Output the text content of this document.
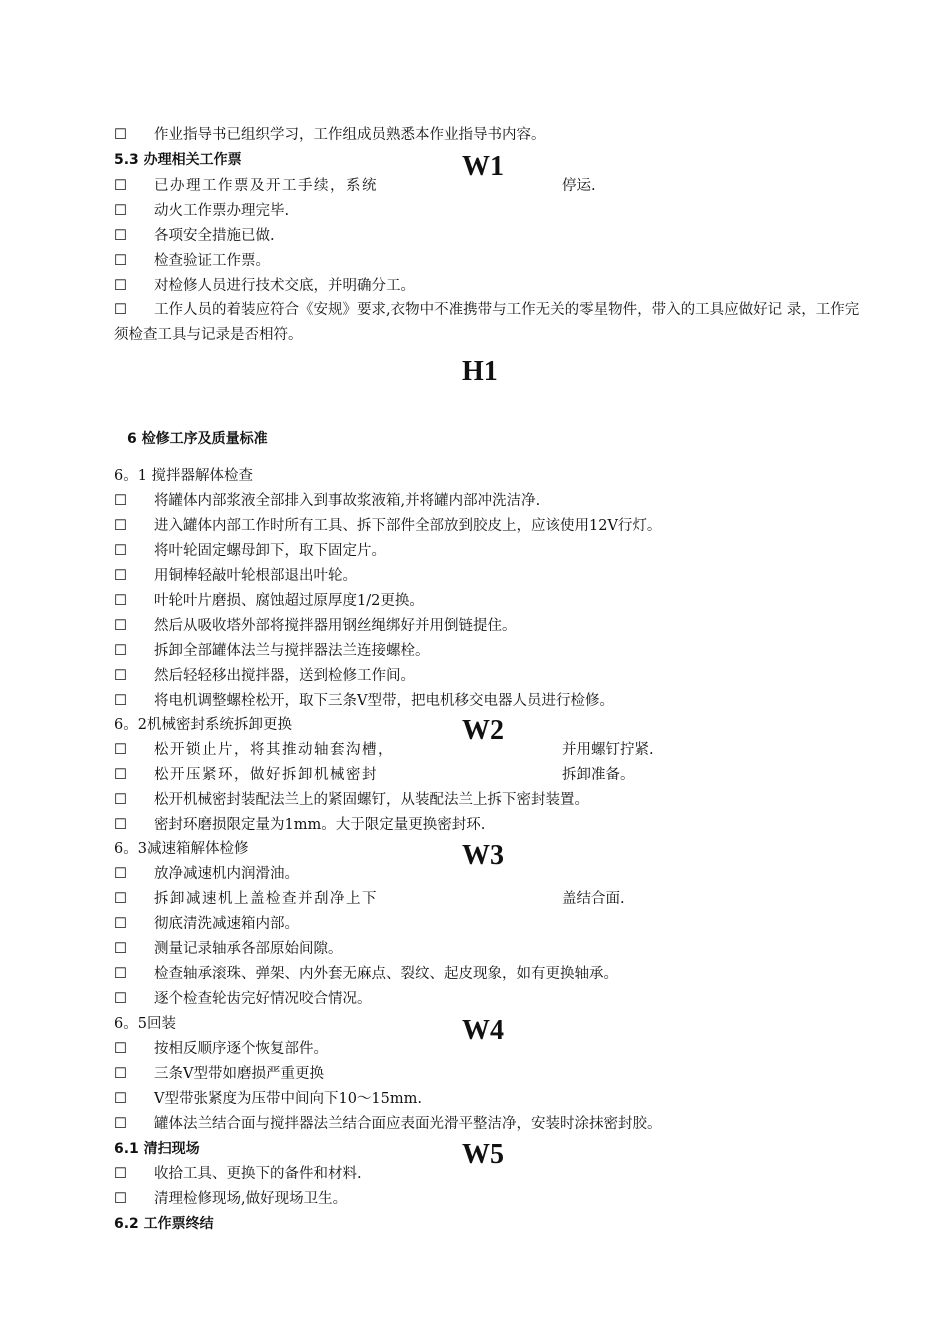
☐ 作业指导书已组织学习，工作组成员熟悉本作业指导书内容。
5.3 办理相关工作票	W1
☐ 已办理工作票及开工手续，系统	停运.
☐ 动火工作票办理完毕.
☐ 各项安全措施已做.
☐ 检查验证工作票。
☐ 对检修人员进行技术交底，并明确分工。
☐ 工作人员的着装应符合《安规》要求,衣物中不准携带与工作无关的零星物件，带入的工具应做好记 录，工作完须检查工具与记录是否相符。
H1
6 检修工序及质量标准
6。1 搅拌器解体检查
☐ 将罐体内部浆液全部排入到事故浆液箱,并将罐内部冲洗洁净.
☐ 进入罐体内部工作时所有工具、拆下部件全部放到胶皮上，应该使用12V行灯。
☐ 将叶轮固定螺母卸下，取下固定片。
☐ 用铜棒轻敲叶轮根部退出叶轮。
☐ 叶轮叶片磨损、腐蚀超过原厚度1/2更换。
☐ 然后从吸收塔外部将搅拌器用钢丝绳绑好并用倒链提住。
☐ 拆卸全部罐体法兰与搅拌器法兰连接螺栓。
☐ 然后轻轻移出搅拌器，送到检修工作间。
☐ 将电机调整螺栓松开，取下三条V型带，把电机移交电器人员进行检修。
6。2机械密封系统拆卸更换	W2
☐ 松开锁止片，将其推动轴套沟槽，	并用螺钉拧紧.
☐ 松开压紧环，做好拆卸机械密封	拆卸准备。
☐ 松开机械密封装配法兰上的紧固螺钉，从装配法兰上拆下密封装置。
☐ 密封环磨损限定量为1mm。大于限定量更换密封环.
6。3减速箱解体检修	W3
☐ 放净减速机内润滑油。
☐ 拆卸减速机上盖检查并刮净上下	盖结合面.
☐ 彻底清洗减速箱内部。
☐ 测量记录轴承各部原始间隙。
☐ 检查轴承滚珠、弹架、内外套无麻点、裂纹、起皮现象，如有更换轴承。
☐ 逐个检查轮齿完好情况咬合情况。
6。5回装	W4
☐ 按相反顺序逐个恢复部件。
☐ 三条V型带如磨损严重更换
☐ V型带张紧度为压带中间向下10～15mm.
☐ 罐体法兰结合面与搅拌器法兰结合面应表面光滑平整洁净，安装时涂抹密封胶。
6.1 清扫现场	W5
☐ 收拾工具、更换下的备件和材料.
☐ 清理检修现场,做好现场卫生。
6.2 工作票终结
